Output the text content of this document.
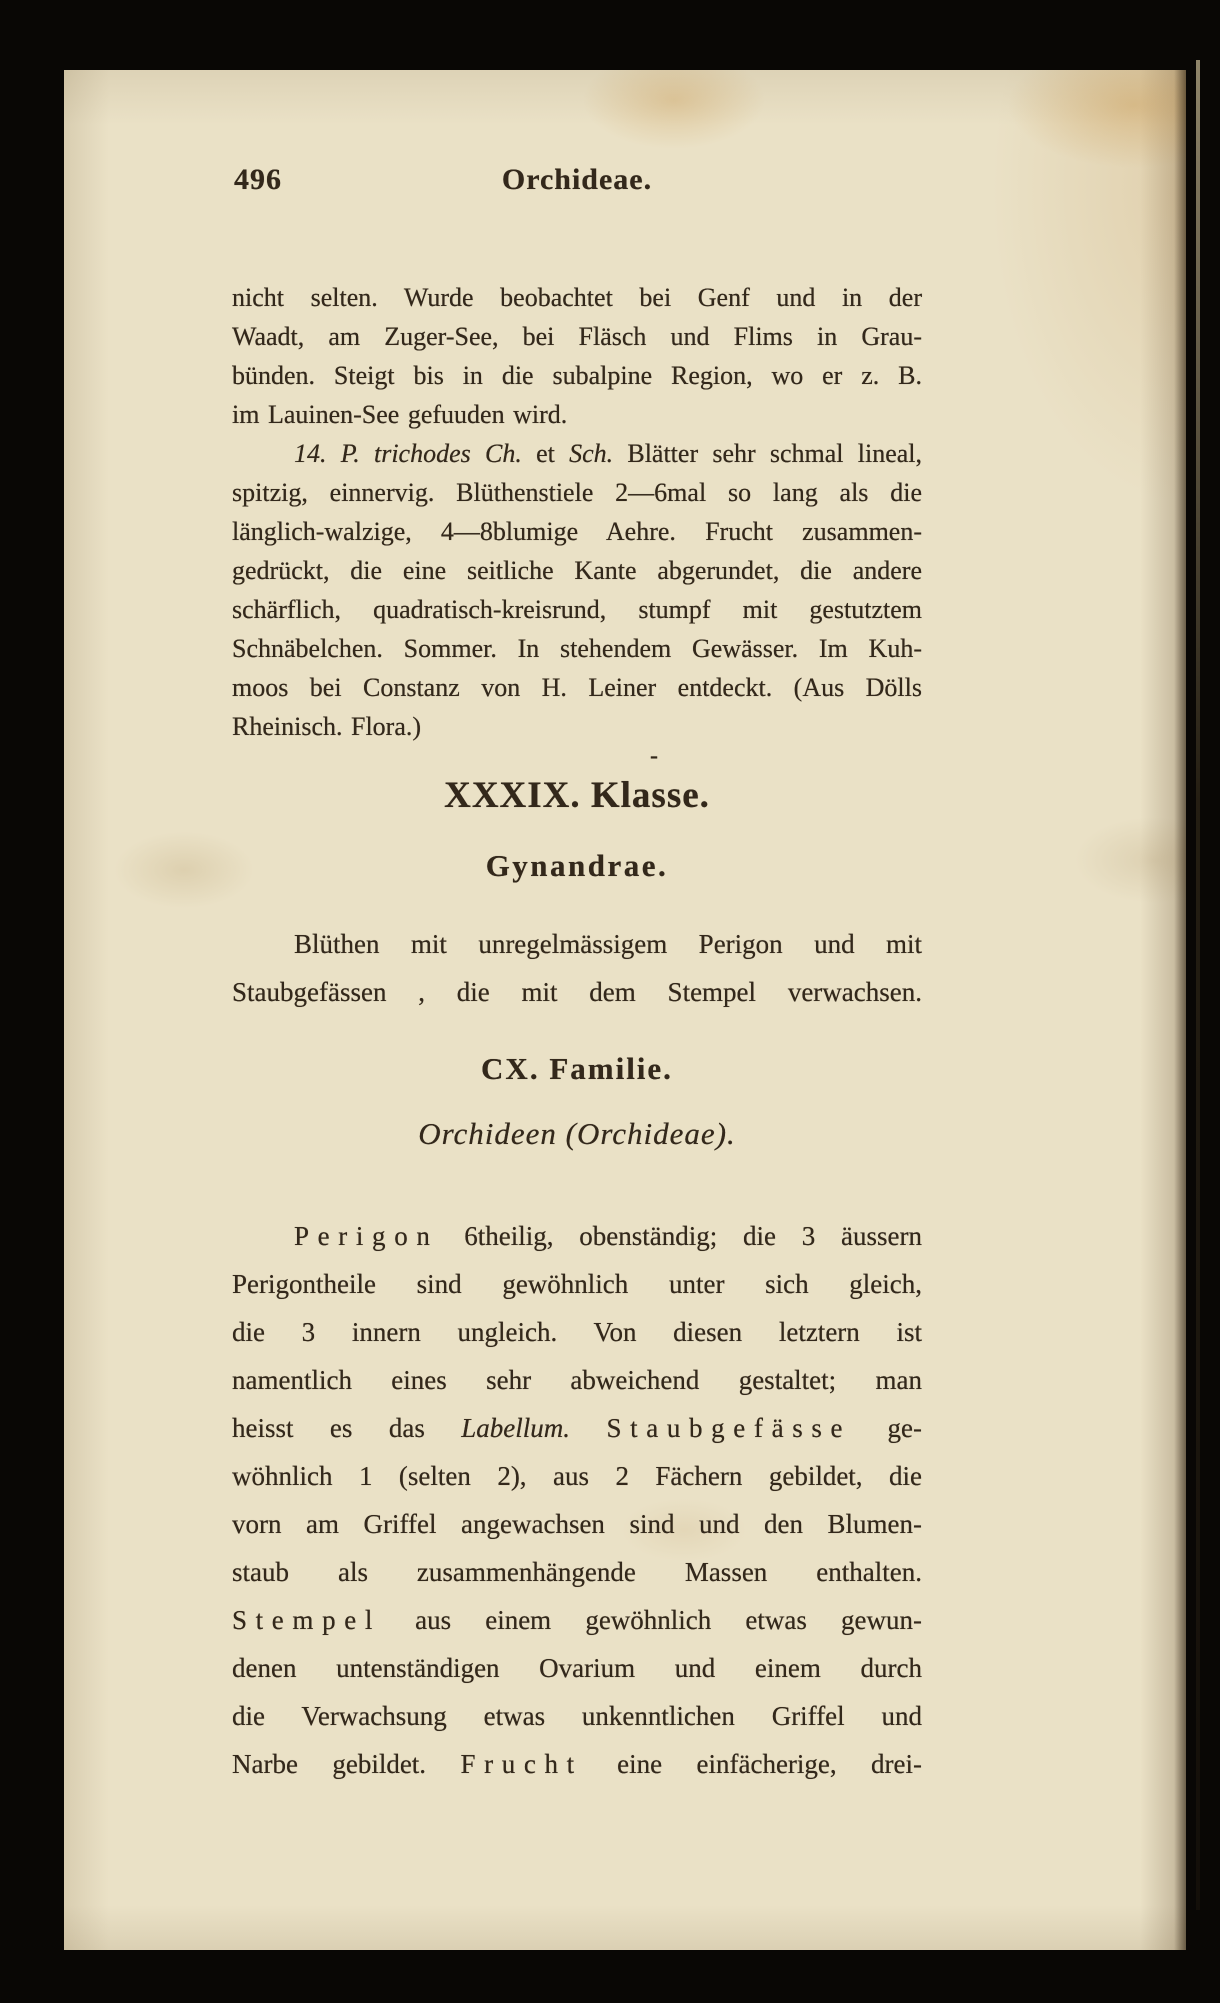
496	Orchideae.
nicht selten. Wurde beobachtet bei Genf und in der
Waadt, am Zuger-See, bei Fläsch und Flims in Grau-
bünden. Steigt bis in die subalpine Region, wo er z. B.
im Lauinen-See gefuuden wird.
14. P. trichodes Ch. et Sch. Blätter sehr schmal lineal,
spitzig, einnervig. Blüthenstiele 2—6mal so lang als die
länglich-walzige, 4—8blumige Aehre. Frucht zusammen-
gedrückt, die eine seitliche Kante abgerundet, die andere
schärflich, quadratisch-kreisrund, stumpf mit gestutztem
Schnäbelchen. Sommer. In stehendem Gewässer. Im Kuh-
moos bei Constanz von H. Leiner entdeckt. (Aus Dölls
Rheinisch. Flora.)
-
XXXIX. Klasse.
Gynandrae.
Blüthen mit unregelmässigem Perigon und mit
Staubgefässen , die mit dem Stempel verwachsen.
CX. Familie.
Orchideen (Orchideae).
Perigon 6theilig, obenständig; die 3 äussern
Perigontheile sind gewöhnlich unter sich gleich,
die 3 innern ungleich. Von diesen letztern ist
namentlich eines sehr abweichend gestaltet; man
heisst es das Labellum. Staubgefässe ge-
wöhnlich 1 (selten 2), aus 2 Fächern gebildet, die
vorn am Griffel angewachsen sind und den Blumen-
staub als zusammenhängende Massen enthalten.
Stempel aus einem gewöhnlich etwas gewun-
denen untenständigen Ovarium und einem durch
die Verwachsung etwas unkenntlichen Griffel und
Narbe gebildet. Frucht eine einfächerige, drei-
